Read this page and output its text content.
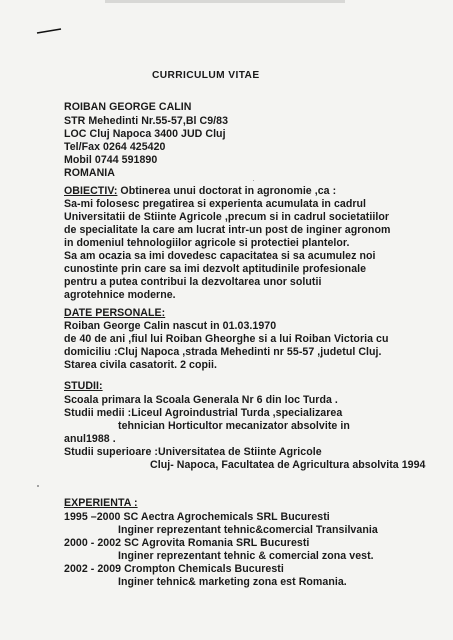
CURRICULUM VITAE
ROIBAN GEORGE CALIN
STR Mehedinti Nr.55-57,Bl C9/83
LOC Cluj Napoca 3400 JUD Cluj
Tel/Fax 0264 425420
Mobil 0744 591890
ROMANIA
OBIECTIV: Obtinerea unui doctorat in agronomie ,ca :
Sa-mi folosesc pregatirea si experienta acumulata in cadrul
Universitatii de Stiinte Agricole ,precum si in cadrul societatiilor
de specialitate la care am lucrat intr-un post de inginer agronom
in domeniul tehnologiilor agricole si protectiei plantelor.
Sa am ocazia sa imi dovedesc capacitatea si sa acumulez noi
cunostinte prin care sa imi dezvolt aptitudinile profesionale
pentru a putea contribui la dezvoltarea unor solutii
agrotehnice moderne.
DATE PERSONALE:
Roiban George Calin nascut in 01.03.1970
de 40 de ani ,fiul lui Roiban Gheorghe si a lui Roiban Victoria cu
domiciliu :Cluj Napoca ,strada Mehedinti nr 55-57 ,judetul Cluj.
Starea civila casatorit. 2 copii.
STUDII:
Scoala primara la Scoala Generala Nr 6 din loc Turda .
Studii medii :Liceul Agroindustrial Turda ,specializarea
tehnician Horticultor mecanizator absolvite in
anul1988 .
Studii superioare :Universitatea de Stiinte Agricole
Cluj- Napoca, Facultatea de Agricultura absolvita 1994
EXPERIENTA :
1995 –2000 SC Aectra Agrochemicals SRL Bucuresti
Inginer reprezentant tehnic&comercial Transilvania
2000 - 2002 SC Agrovita Romania SRL Bucuresti
Inginer reprezentant tehnic & comercial zona vest.
2002 - 2009 Crompton Chemicals Bucuresti
Inginer tehnic& marketing zona est Romania.
